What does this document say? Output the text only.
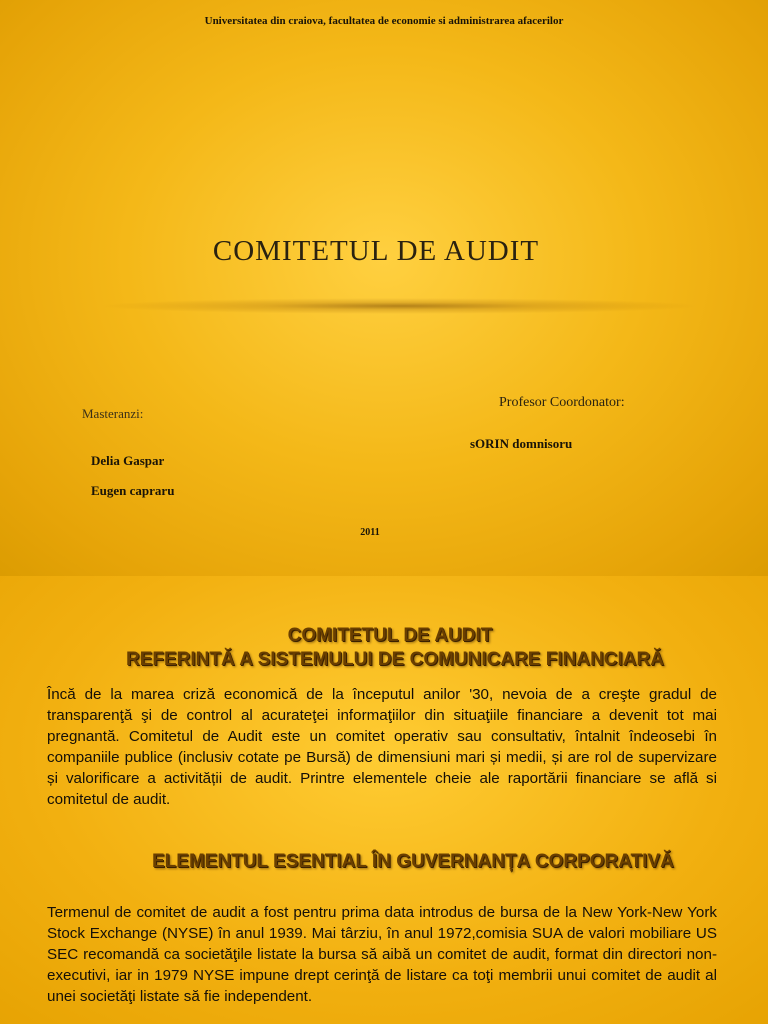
Universitatea din craiova, facultatea de economie si administrarea afacerilor
COMITETUL DE AUDIT
Masteranzi:
Delia Gaspar
Eugen capraru
Profesor Coordonator:
sORIN domnisoru
2011
COMITETUL DE AUDIT
REFERINTĂ A SISTEMULUI DE COMUNICARE FINANCIARĂ
Încă de la marea criză economică de la începutul anilor '30, nevoia de a creşte gradul de transparenţă şi de control al acurateţei informaţiilor din situaţiile financiare a devenit tot mai pregnantă. Comitetul de Audit este un comitet operativ sau consultativ, întalnit îndeosebi în companiile publice (inclusiv cotate pe Bursă) de dimensiuni mari și medii, și are rol de supervizare și valorificare a activității de audit. Printre elementele cheie ale raportării financiare se află si comitetul de audit.
ELEMENTUL ESENTIAL ÎN GUVERNANȚA CORPORATIVĂ
Termenul de comitet de audit a fost pentru prima data introdus de bursa de la New York-New York Stock Exchange (NYSE) în anul 1939. Mai târziu, în anul 1972,comisia SUA de valori mobiliare US SEC recomandă ca societăţile listate la bursa să aibă un comitet de audit, format din directori non-executivi, iar in 1979 NYSE impune drept cerinţă de listare ca toţi membrii unui comitet de audit al unei societăţi listate să fie independent.
